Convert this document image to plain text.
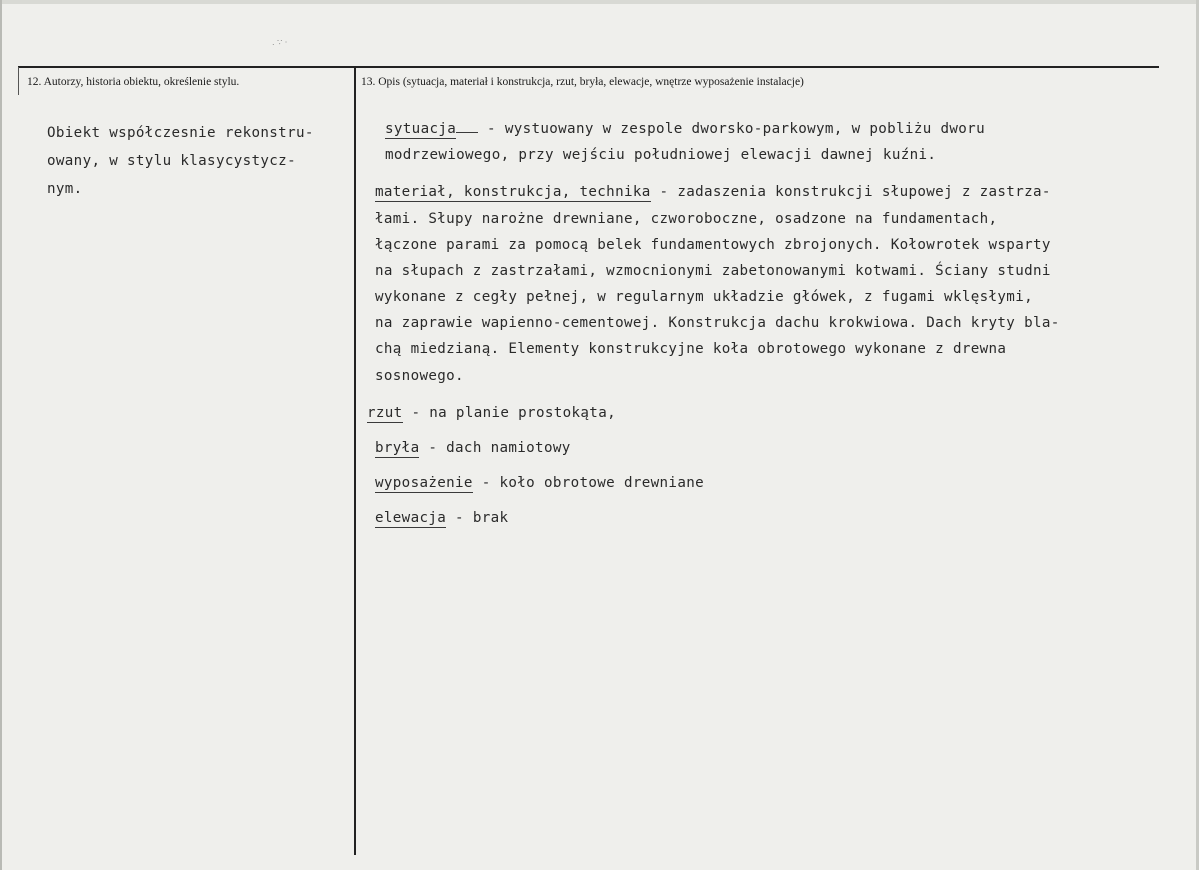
. ∵ ·
12. Autorzy, historia obiektu, określenie stylu.	13. Opis (sytuacja, materiał i konstrukcja, rzut, bryła, elewacje, wnętrze wyposażenie instalacje)
Obiekt współczesnie rekonstru-
owany, w stylu klasycystycz-
nym.
sytuacja - wystuowany w zespole dworsko-parkowym, w pobliżu dworu
modrzewiowego, przy wejściu południowej elewacji dawnej kuźni.
materiał, konstrukcja, technika - zadaszenia konstrukcji słupowej z zastrza-
łami. Słupy narożne drewniane, czworoboczne, osadzone na fundamentach,
łączone parami za pomocą belek fundamentowych zbrojonych. Kołowrotek wsparty
na słupach z zastrzałami, wzmocnionymi zabetonowanymi kotwami. Ściany studni
wykonane z cegły pełnej, w regularnym układzie główek, z fugami wklęsłymi,
na zaprawie wapienno-cementowej. Konstrukcja dachu krokwiowa. Dach kryty bla-
chą miedzianą. Elementy konstrukcyjne koła obrotowego wykonane z drewna
sosnowego.
rzut - na planie prostokąta,
bryła - dach namiotowy
wyposażenie - koło obrotowe drewniane
elewacja - brak
